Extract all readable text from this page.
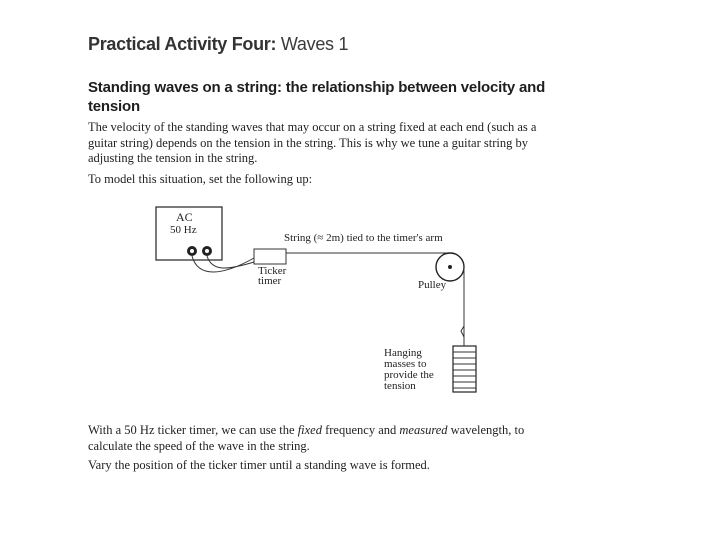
Practical Activity Four: Waves 1
Standing waves on a string: the relationship between velocity and tension
The velocity of the standing waves that may occur on a string fixed at each end (such as a guitar string) depends on the tension in the string. This is why we tune a guitar string by adjusting the tension in the string.
To model this situation, set the following up:
AC
50 Hz
Ticker
timer
String (≈ 2m) tied to the timer's arm
Pulley
Hanging
masses to
provide the
tension
With a 50 Hz ticker timer, we can use the fixed frequency and measured wavelength, to calculate the speed of the wave in the string.
Vary the position of the ticker timer until a standing wave is formed.
